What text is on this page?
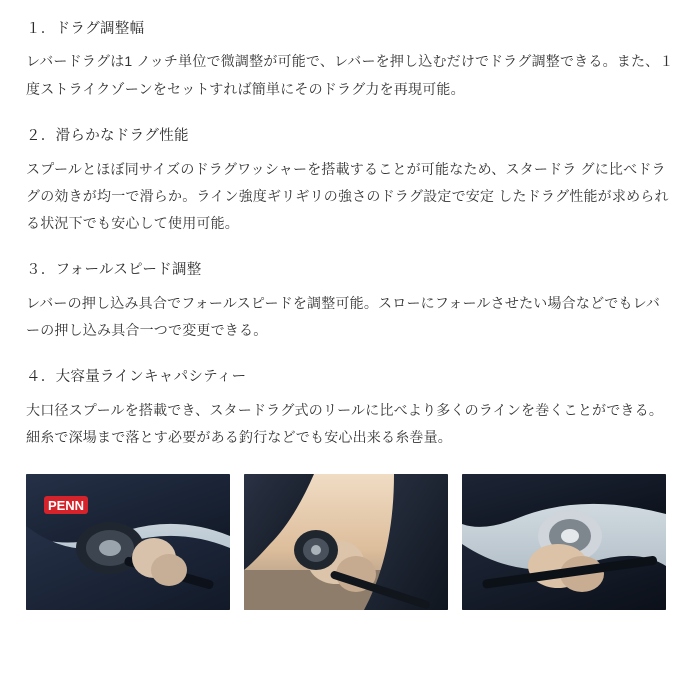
１．ドラグ調整幅

レバードラグは1 ノッチ単位で微調整が可能で、レバーを押し込むだけでドラグ調整できる。また、１度ストライクゾーンをセットすれば簡単にそのドラグ力を再現可能。

２．滑らかなドラグ性能

スプールとほぼ同サイズのドラグワッシャーを搭載することが可能なため、スタードラ グに比べドラグの効きが均一で滑らか。ライン強度ギリギリの強さのドラグ設定で安定 したドラグ性能が求められる状況下でも安心して使用可能。

３．フォールスピード調整

レバーの押し込み具合でフォールスピードを調整可能。スローにフォールさせたい場合などでもレバーの押し込み具合一つで変更できる。

４．大容量ラインキャパシティー

大口径スプールを搭載でき、スタードラグ式のリールに比べより多くのラインを巻くことができる。細糸で深場まで落とす必要がある釣行などでも安心出来る糸巻量。

PENN
